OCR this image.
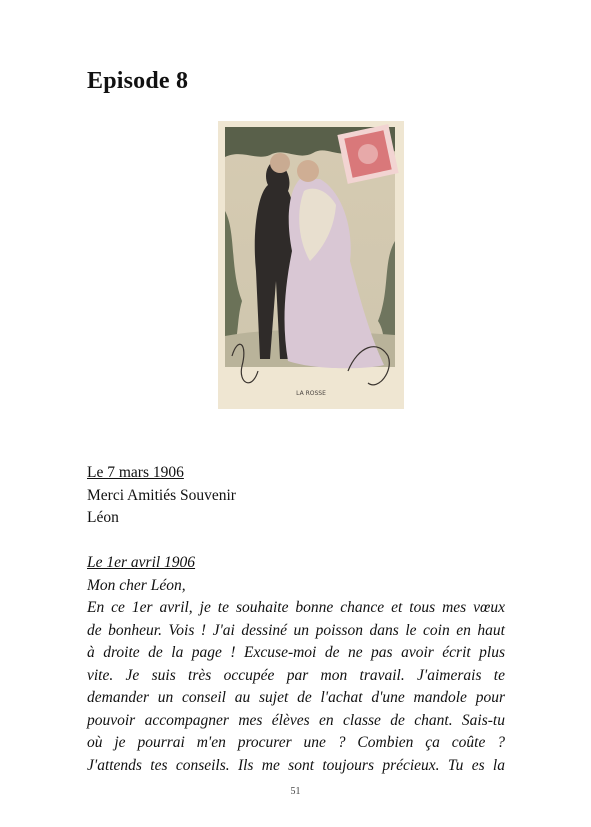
Episode 8
LA ROSSE
Le 7 mars 1906
Merci Amitiés Souvenir
Léon
Le 1er avril 1906
Mon cher Léon,
En ce 1er avril, je te souhaite bonne chance et tous mes vœux
de bonheur. Vois ! J'ai dessiné un poisson dans le coin en haut
à droite de la page ! Excuse-moi de ne pas avoir écrit plus
vite. Je suis très occupée par mon travail. J'aimerais te
demander un conseil au sujet de l'achat d'une mandole pour
pouvoir accompagner mes élèves en classe de chant. Sais-tu
où je pourrai m'en procurer une ? Combien ça coûte ?
J'attends tes conseils. Ils me sont toujours précieux. Tu es la
51
